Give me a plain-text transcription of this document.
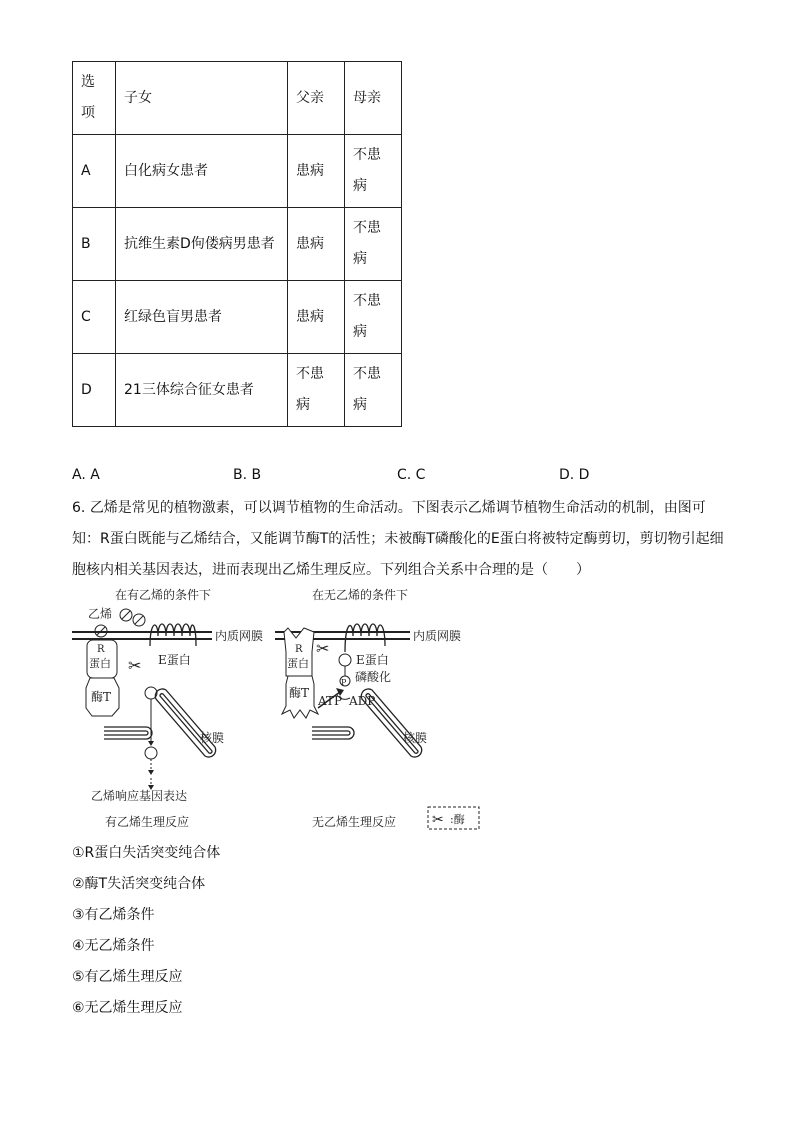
选项	子女	父亲	母亲
A	白化病女患者	患病	不患病
B	抗维生素D佝偻病男患者	患病	不患病
C	红绿色盲男患者	患病	不患病
D	21三体综合征女患者	不患病	不患病
A. A	B. B	C. C	D. D
6. 乙烯是常见的植物激素，可以调节植物的生命活动。下图表示乙烯调节植物生命活动的机制，由图可知：R蛋白既能与乙烯结合，又能调节酶T的活性；未被酶T磷酸化的E蛋白将被特定酶剪切，剪切物引起细胞核内相关基因表达，进而表现出乙烯生理反应。下列组合关系中合理的是（　　）
在有乙烯的条件下
乙烯
内质网膜
E蛋白
R
蛋白
酶T
✂
核膜
乙烯响应基因表达
有乙烯生理反应
在无乙烯的条件下
内质网膜
E蛋白
P 磷酸化
R
蛋白
酶T
✂
ATP ADP
核膜
无乙烯生理反应	✂ :酶
①R蛋白失活突变纯合体
②酶T失活突变纯合体
③有乙烯条件
④无乙烯条件
⑤有乙烯生理反应
⑥无乙烯生理反应
